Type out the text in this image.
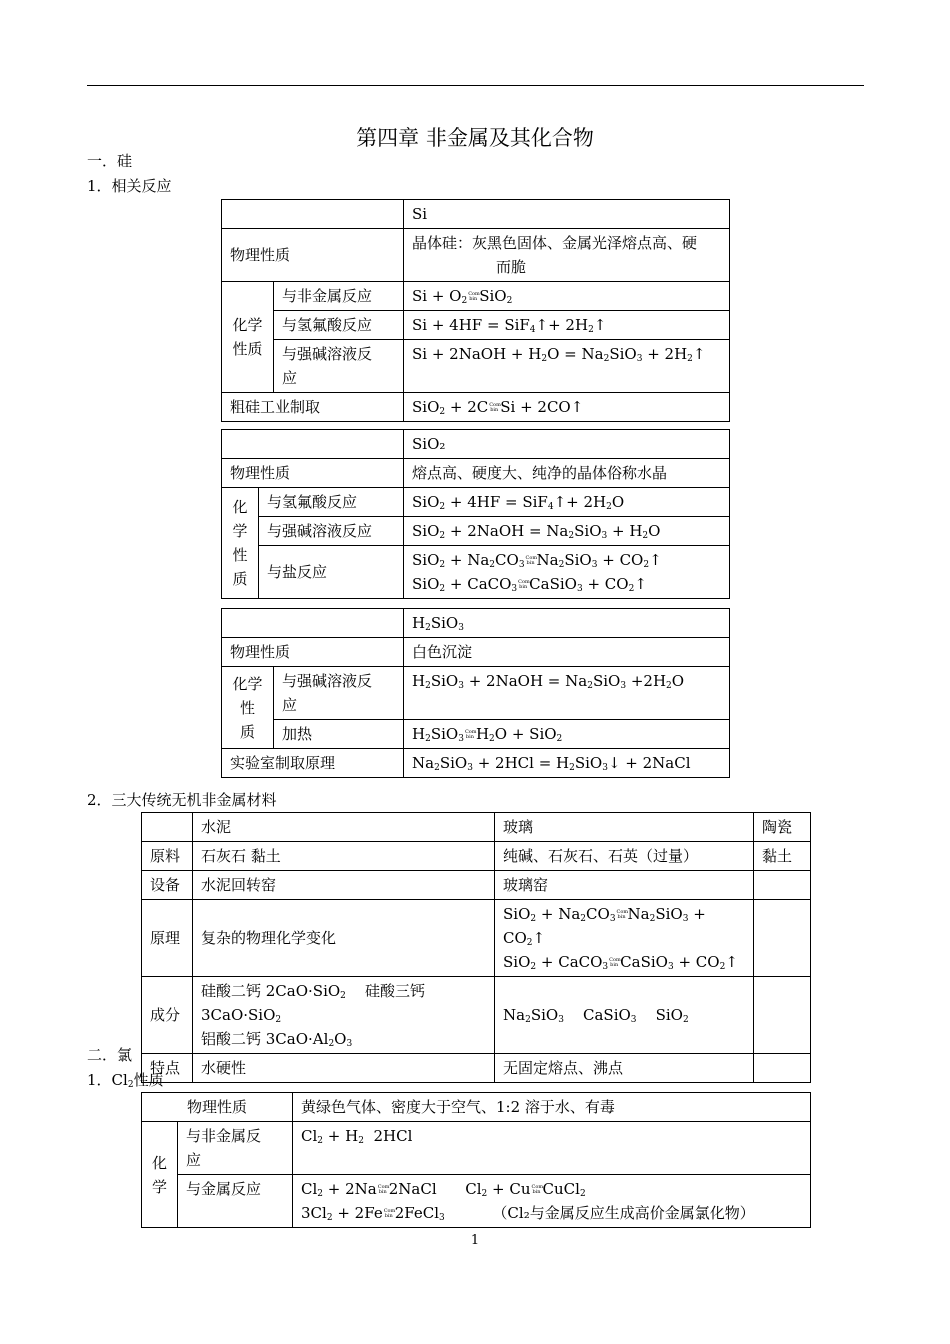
第四章 非金属及其化合物
一．硅
1．相关反应
		Si
物理性质		晶体硅：灰黑色固体、金属光泽熔点高、硬
而脆
化学
性质	与非金属反应	$Si + O_2Com$ bin SiO$_2$
	与氢氟酸反应	Si + 4HF = SiF$_4$↑+ $2H_2↑$
	与强碱溶液反
应	Si + 2NaOH + $H_2O = Na_2SiO_3$ + $2H_2↑$
粗硅工业制取		SiO$_2$ + 2CCom bin Si + 2CO↑
		SiO₂
物理性质		熔点高、硬度大、纯净的晶体俗称水晶
化
学
性
质	与氢氟酸反应	SiO$_2$ + 4HF = SiF$_4$↑+ $2H_2O$
	与强碱溶液反应	SiO$_2$ + 2NaOH = $Na_2SiO_3 + H_2O$
	与盐反应	$SiO_2 + Na_2CO_3Com$ bin $Na_2SiO_3$ + $CO_2↑$
SiO$_2$ + CaCO$_3$Com bin CaSiO$_3$ + $CO_2↑$
		$H_2SiO_3$
物理性质		白色沉淀
化学
性
质	与强碱溶液反
应	$H_2SiO_3$ + 2NaOH = $Na_2SiO_3 +2H_2O$
	加热	$H_2SiO_3Com$ bin $H_2O + SiO_2$
实验室制取原理		$Na_2SiO_3 + 2HCl$ = $H_2SiO_3↓$ + 2NaCl
2．三大传统无机非金属材料
	水泥	玻璃	陶瓷
原料	石灰石 黏土	纯碱、石灰石、石英（过量）	黏土
设备	水泥回转窑	玻璃窑	
原理	复杂的物理化学变化	$SiO_2 + Na_2CO_3Com$ bin $Na_2SiO_3$ + $CO_2↑$
SiO$_2$ + CaCO$_3$Com bin CaSiO$_3$ + $CO_2↑$	
成分	硅酸二钙 2CaO·SiO$_2$ 硅酸三钙
3CaO·SiO$_2$
铝酸二钙 $3CaO\cdot Al_2O_3$	$Na_2SiO_3$    CaSiO$_3$    SiO$_2$	
特点	水硬性	无固定熔点、沸点	
二．氯
1．$Cl_2$性质
物理性质		黄绿色气体、密度大于空气、1:2 溶于水、有毒
化
学	与非金属反
应	$Cl_2 + H_2$  2HCl
	与金属反应	$Cl_2$ + 2NaCom bin 2NaCl      $Cl_2$ + CuCom bin CuCl$_2$
$3Cl_2$ + 2FeCom bin 2FeCl$_3$ （Cl₂与金属反应生成高价金属氯化物）
1
